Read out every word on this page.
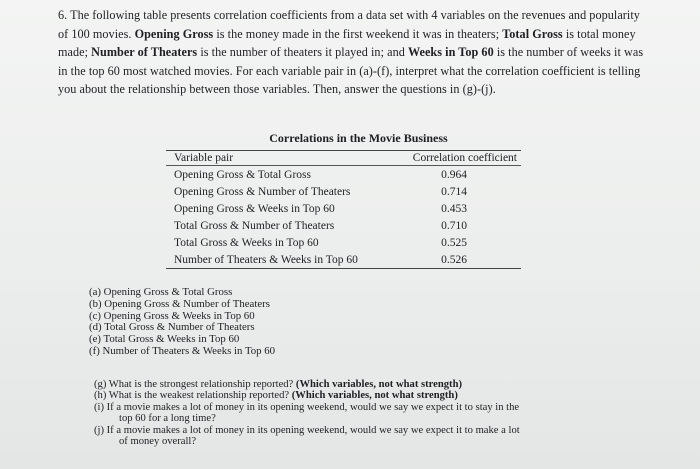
6. The following table presents correlation coefficients from a data set with 4 variables on the revenues and popularity of 100 movies. Opening Gross is the money made in the first weekend it was in theaters; Total Gross is total money made; Number of Theaters is the number of theaters it played in; and Weeks in Top 60 is the number of weeks it was in the top 60 most watched movies. For each variable pair in (a)-(f), interpret what the correlation coefficient is telling you about the relationship between those variables. Then, answer the questions in (g)-(j).
Correlations in the Movie Business
Variable pair	Correlation coefficient
Opening Gross & Total Gross	0.964
Opening Gross & Number of Theaters	0.714
Opening Gross & Weeks in Top 60	0.453
Total Gross & Number of Theaters	0.710
Total Gross & Weeks in Top 60	0.525
Number of Theaters & Weeks in Top 60	0.526
(a) Opening Gross & Total Gross
(b) Opening Gross & Number of Theaters
(c) Opening Gross & Weeks in Top 60
(d) Total Gross & Number of Theaters
(e) Total Gross & Weeks in Top 60
(f) Number of Theaters & Weeks in Top 60
(g) What is the strongest relationship reported? (Which variables, not what strength)
(h) What is the weakest relationship reported? (Which variables, not what strength)
(i) If a movie makes a lot of money in its opening weekend, would we say we expect it to stay in the
top 60 for a long time?
(j) If a movie makes a lot of money in its opening weekend, would we say we expect it to make a lot
of money overall?
